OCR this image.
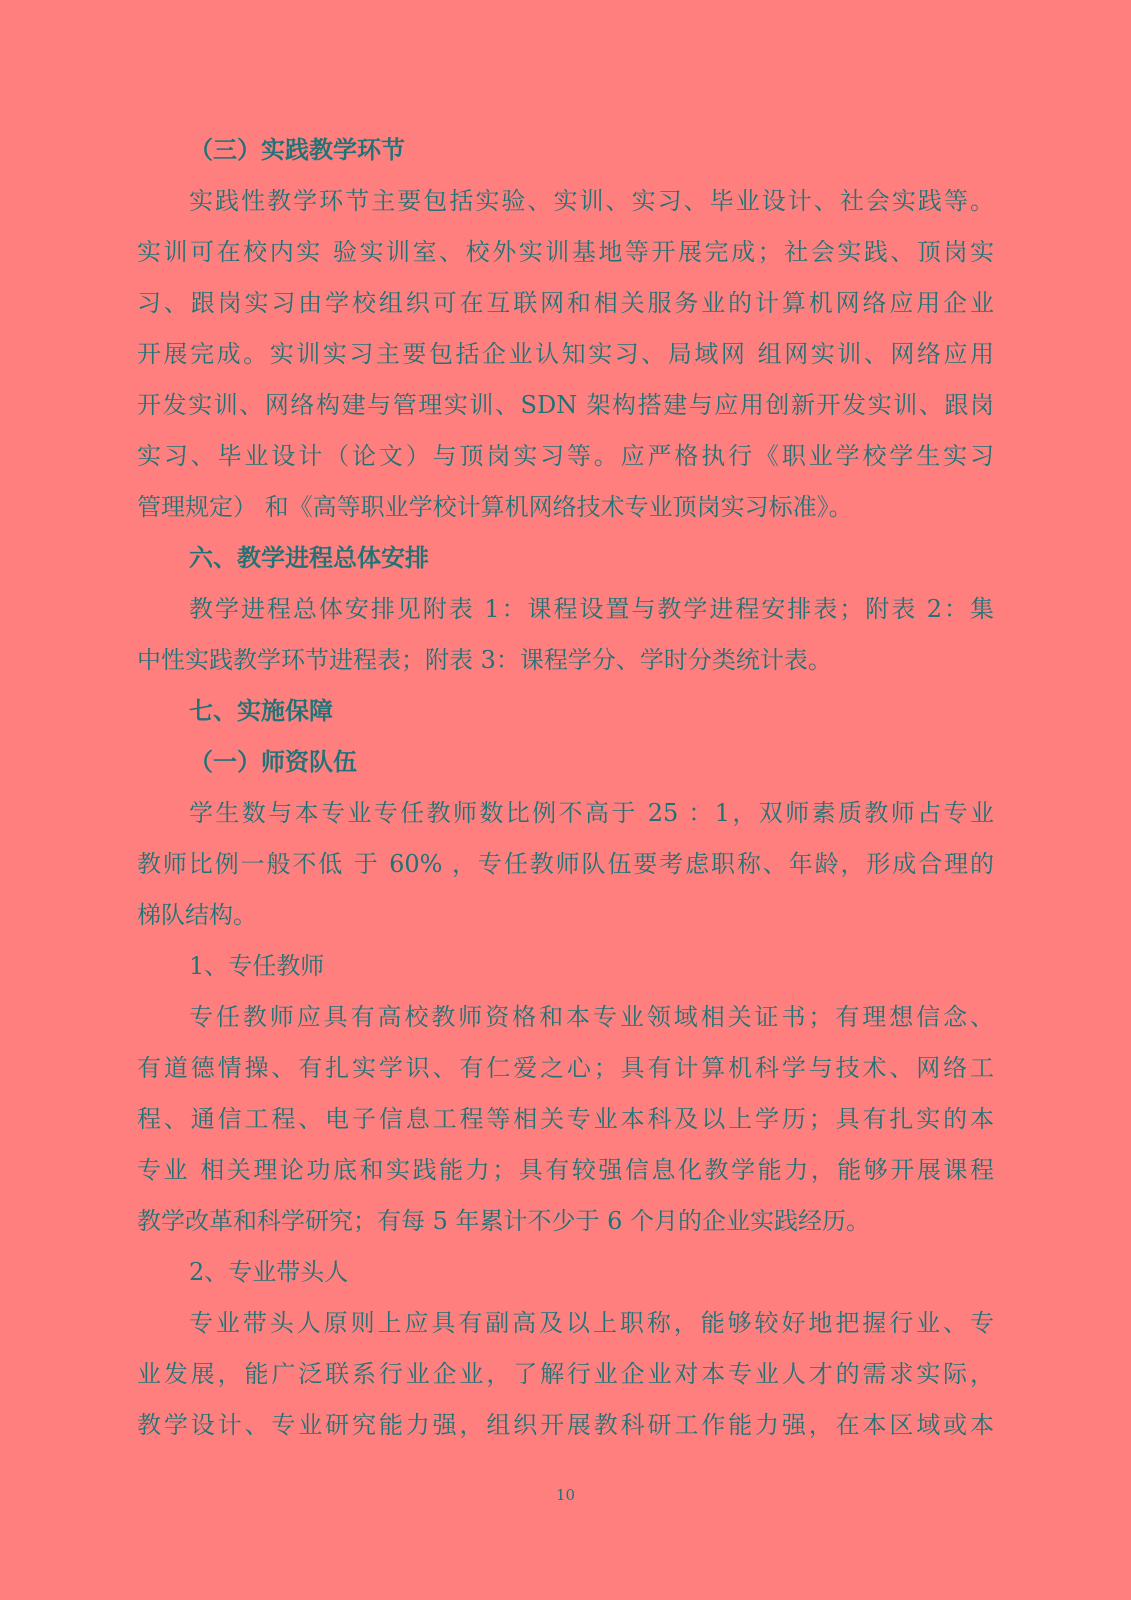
（三）实践教学环节
实践性教学环节主要包括实验、实训、实习、毕业设计、社会实践等。
实训可在校内实 验实训室、校外实训基地等开展完成；社会实践、顶岗实
习、跟岗实习由学校组织可在互联网和相关服务业的计算机网络应用企业
开展完成。实训实习主要包括企业认知实习、局域网 组网实训、网络应用
开发实训、网络构建与管理实训、SDN 架构搭建与应用创新开发实训、跟岗
实习、毕业设计（论文）与顶岗实习等。应严格执行《职业学校学生实习
管理规定） 和《高等职业学校计算机网络技术专业顶岗实习标准》。
六、教学进程总体安排
教学进程总体安排见附表 1：课程设置与教学进程安排表；附表 2：集
中性实践教学环节进程表；附表 3：课程学分、学时分类统计表。
七、实施保障
（一）师资队伍
学生数与本专业专任教师数比例不高于 25 ：1，双师素质教师占专业
教师比例一般不低 于 60% ，专任教师队伍要考虑职称、年龄，形成合理的
梯队结构。
1、专任教师
专任教师应具有高校教师资格和本专业领域相关证书；有理想信念、
有道德情操、有扎实学识、有仁爱之心；具有计算机科学与技术、网络工
程、通信工程、电子信息工程等相关专业本科及以上学历；具有扎实的本
专业 相关理论功底和实践能力；具有较强信息化教学能力，能够开展课程
教学改革和科学研究；有每 5 年累计不少于 6 个月的企业实践经历。
2、专业带头人
专业带头人原则上应具有副高及以上职称，能够较好地把握行业、专
业发展，能广泛联系行业企业，了解行业企业对本专业人才的需求实际，
教学设计、专业研究能力强，组织开展教科研工作能力强，在本区域或本
10
